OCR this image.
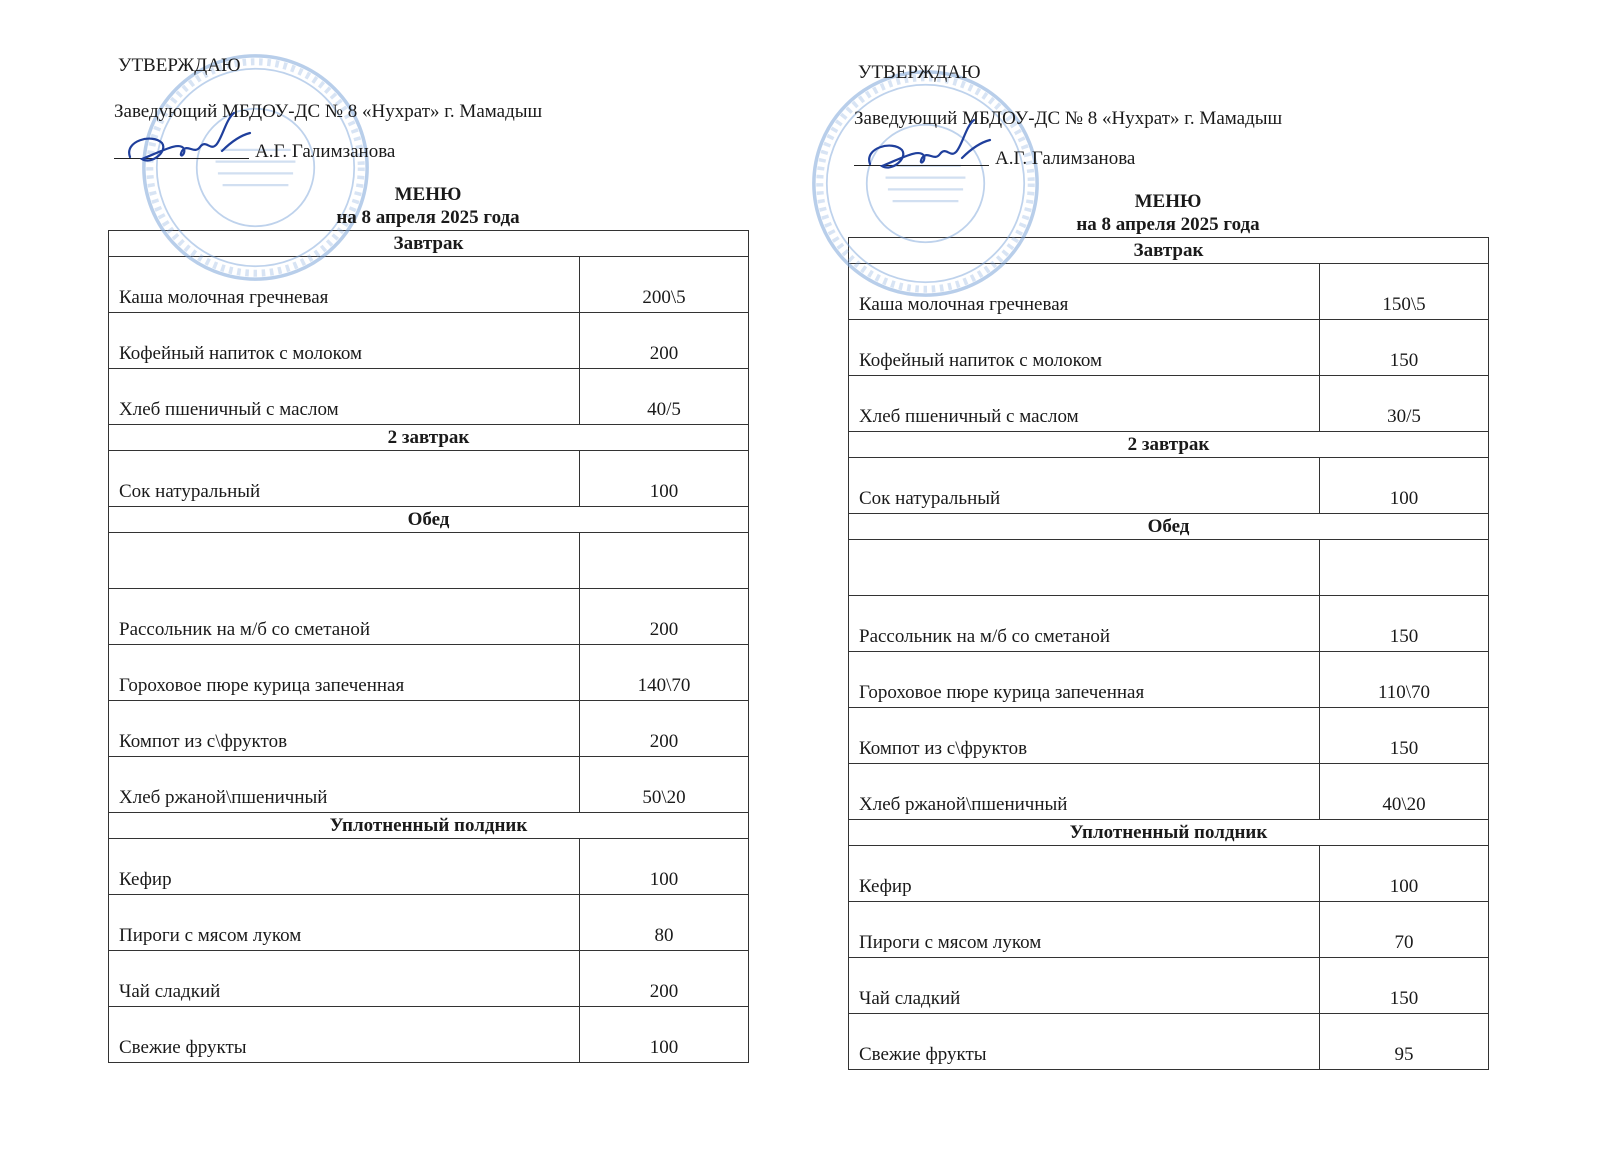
УТВЕРЖДАЮ
Заведующий МБДОУ-ДС № 8 «Нухрат» г. Мамадыш
А.Г. Галимзанова
МЕНЮ
на 8 апреля 2025 года
Завтрак	
Каша молочная гречневая	200\5
Кофейный напиток с молоком	200
Хлеб пшеничный с маслом	40/5
2 завтрак	
Сок натуральный	100
Обед	

Рассольник на м/б со сметаной	200
Гороховое пюре курица запеченная	140\70
Компот из с\фруктов	200
Хлеб ржаной\пшеничный	50\20
Уплотненный полдник	
Кефир	100
Пироги с мясом луком	80
Чай сладкий	200
Свежие фрукты	100
УТВЕРЖДАЮ
Заведующий МБДОУ-ДС № 8 «Нухрат» г. Мамадыш
А.Г. Галимзанова
МЕНЮ
на 8 апреля 2025 года
Завтрак	
Каша молочная гречневая	150\5
Кофейный напиток с молоком	150
Хлеб пшеничный с маслом	30/5
2 завтрак	
Сок натуральный	100
Обед	

Рассольник на м/б со сметаной	150
Гороховое пюре курица запеченная	110\70
Компот из с\фруктов	150
Хлеб ржаной\пшеничный	40\20
Уплотненный полдник	
Кефир	100
Пироги с мясом луком	70
Чай сладкий	150
Свежие фрукты	95
